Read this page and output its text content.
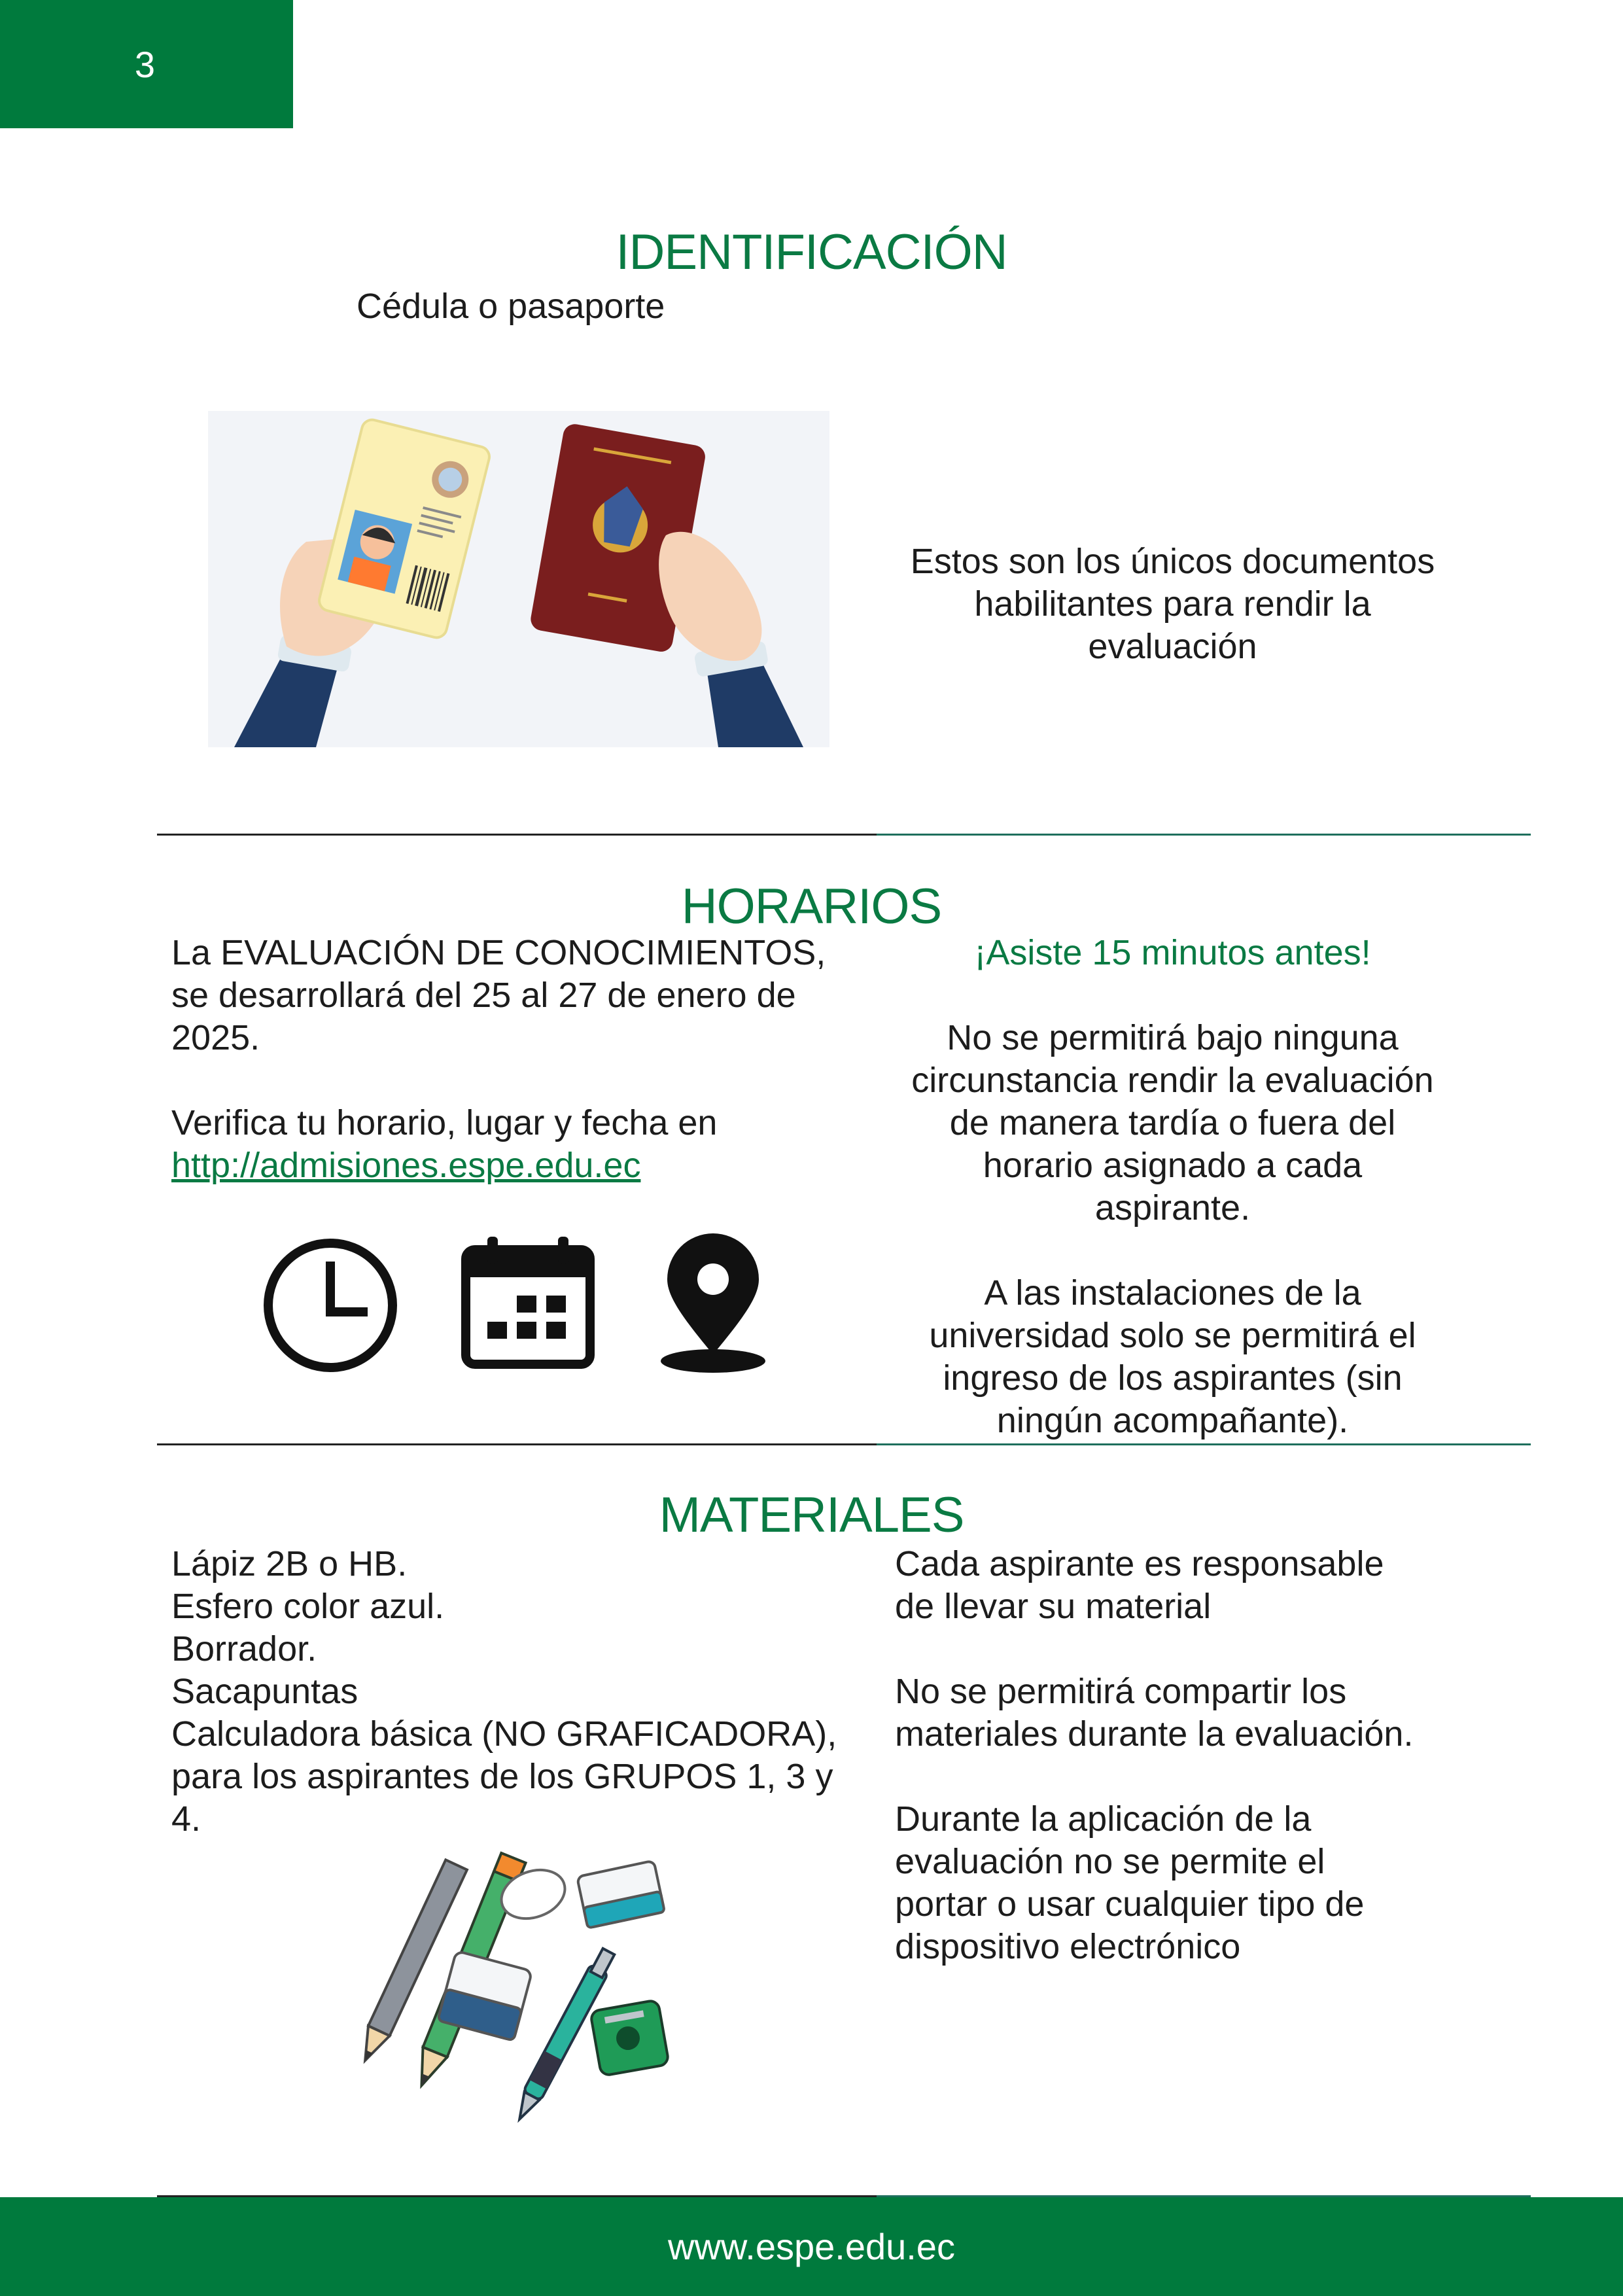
3
IDENTIFICACIÓN
Cédula o pasaporte
Estos son los únicos documentos
habilitantes para rendir la
evaluación
HORARIOS
La EVALUACIÓN DE CONOCIMIENTOS,
se desarrollará del 25 al 27 de enero de
2025.
Verifica tu horario, lugar y fecha en
http://admisiones.espe.edu.ec
¡Asiste 15 minutos antes!
No se permitirá bajo ninguna
circunstancia rendir la evaluación
de manera tardía o fuera del
horario asignado a cada
aspirante.
A las instalaciones de la
universidad solo se permitirá el
ingreso de los aspirantes (sin
ningún acompañante).
MATERIALES
Lápiz 2B o HB.
Esfero color azul.
Borrador.
Sacapuntas
Calculadora básica (NO GRAFICADORA),
para los aspirantes de los GRUPOS 1, 3 y
4.
Cada aspirante es responsable
de llevar su material
No se permitirá compartir los
materiales durante la evaluación.
Durante la aplicación de la
evaluación no se permite el
portar o usar cualquier tipo de
dispositivo electrónico
www.espe.edu.ec
